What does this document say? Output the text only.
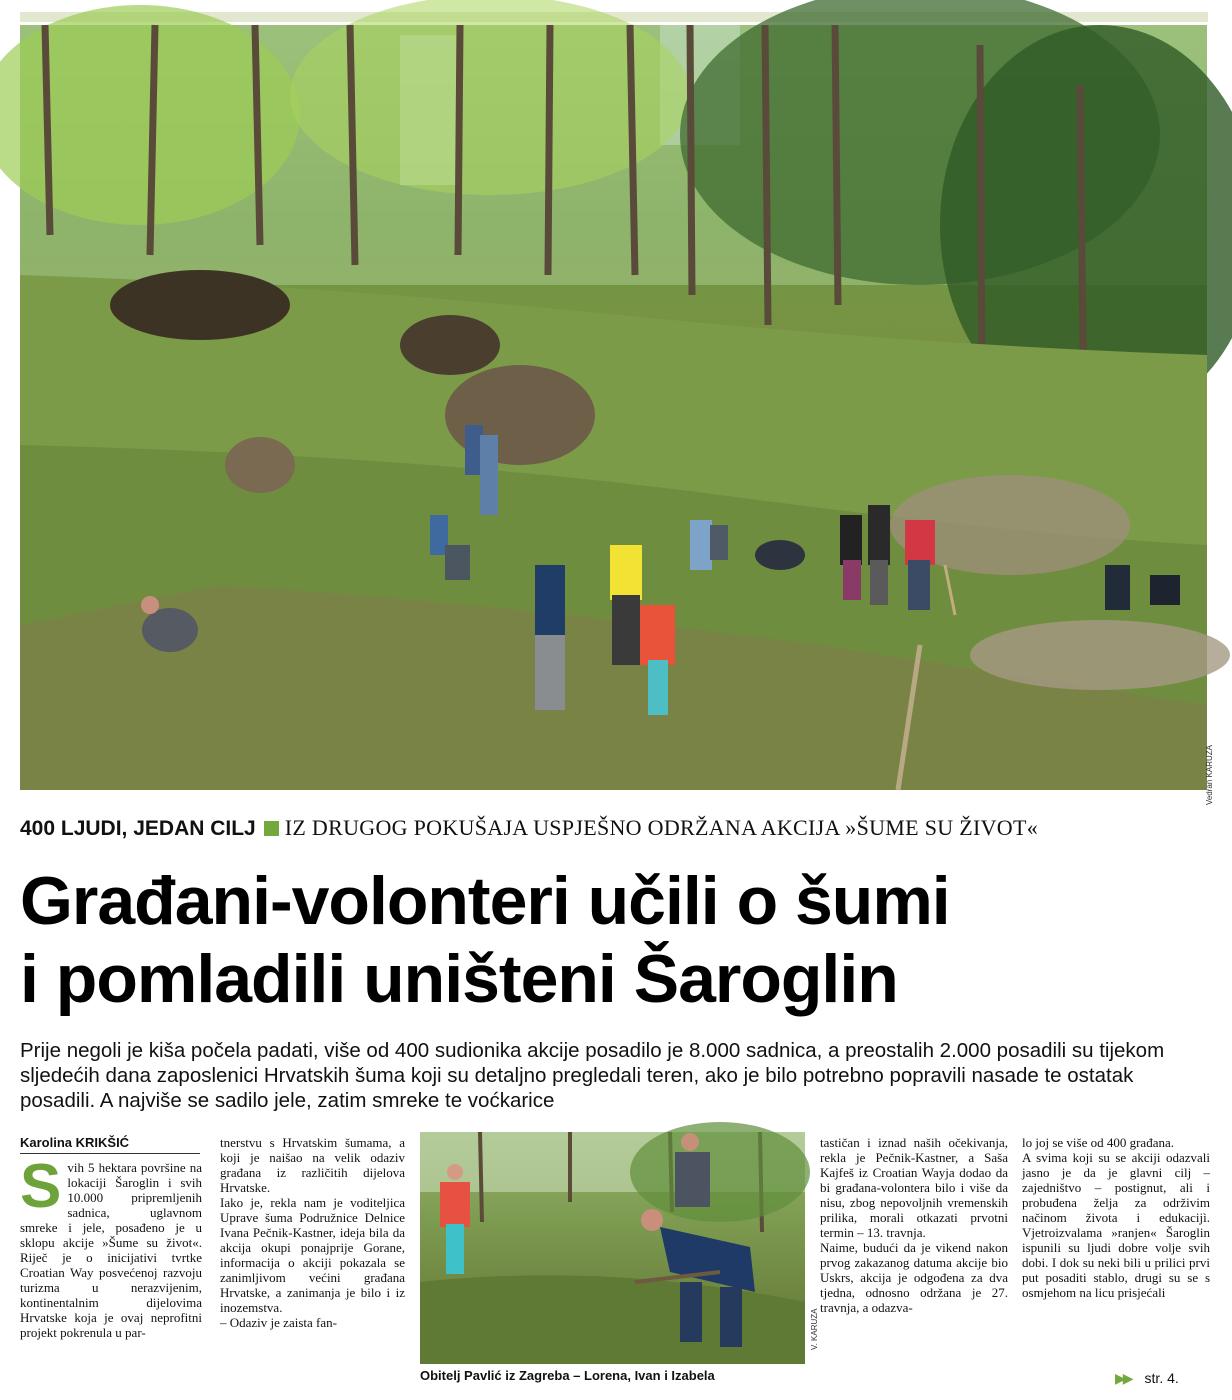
Vedran KARUZA
400 LJUDI, JEDAN CILJ IZ DRUGOG POKUŠAJA USPJEŠNO ODRŽANA AKCIJA »ŠUME SU ŽIVOT«
Građani-volonteri učili o šumi
i pomladili uništeni Šaroglin
Prije negoli je kiša počela padati, više od 400 sudionika akcije posadilo je 8.000 sadnica, a preostalih 2.000 posadili su tijekom sljedećih dana zaposlenici Hrvatskih šuma koji su detaljno pregledali teren, ako je bilo potrebno popravili nasade te ostatak posadili. A najviše se sadilo jele, zatim smreke te voćkarice
Karolina KRIKŠIĆ
S vih 5 hektara površine na lokaciji Šaroglin i svih 10.000 pripremljenih sadnica, uglavnom smreke i jele, posađeno je u sklopu akcije »Šume su život«. Riječ je o inicijativi tvrtke Croatian Way posvećenoj razvoju turizma u nerazvijenim, kontinentalnim dijelovima Hrvatske koja je ovaj neprofitni projekt pokrenula u par-
tnerstvu s Hrvatskim šumama, a koji je naišao na velik odaziv građana iz različitih dijelova Hrvatske.
Iako je, rekla nam je voditeljica Uprave šuma Podružnice Delnice Ivana Pečnik-Kastner, ideja bila da akcija okupi ponajprije Gorane, informacija o akciji pokazala se zanimljivom većini građana Hrvatske, a zanimanja je bilo i iz inozemstva.
– Odaziv je zaista fan-	V. KARUZA
Obitelj Pavlić iz Zagreba – Lorena, Ivan i Izabela
tastičan i iznad naših očekivanja, rekla je Pečnik-Kastner, a Saša Kajfeš iz Croatian Wayja dodao da bi građana-volontera bilo i više da nisu, zbog nepovoljnih vremenskih prilika, morali otkazati prvotni termin – 13. travnja.
Naime, budući da je vikend nakon prvog zakazanog datuma akcije bio Uskrs, akcija je odgođena za dva tjedna, odnosno održana je 27. travnja, a odazva-
lo joj se više od 400 građana.
A svima koji su se akciji odazvali jasno je da je glavni cilj – zajedništvo – postignut, ali i probuđena želja za održivim načinom života i edukacijì. Vjetroizvalama »ranjen« Šaroglin ispunili su ljudi dobre volje svih dobi. I dok su neki bili u prilici prvi put posaditi stablo, drugi su se s osmjehom na licu prisjećali
▶▶ str. 4.
